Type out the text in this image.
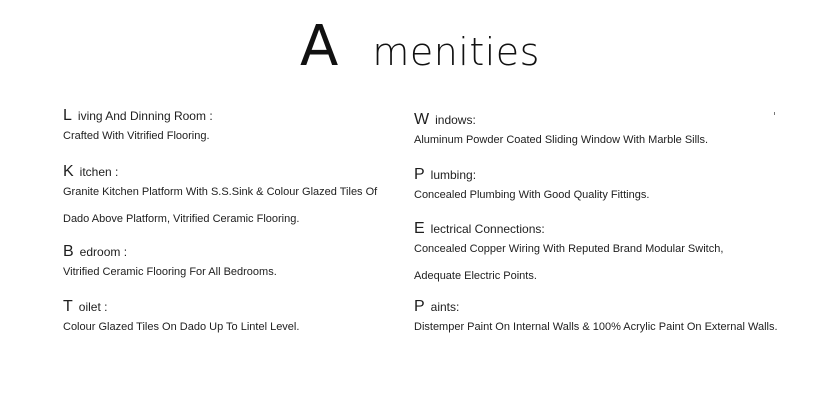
A menities
L iving And Dinning Room :
Crafted With Vitrified Flooring.
K itchen :
Granite Kitchen Platform With S.S.Sink & Colour Glazed Tiles Of
Dado Above Platform, Vitrified Ceramic Flooring.
B edroom :
Vitrified Ceramic Flooring For All Bedrooms.
T oilet :
Colour Glazed Tiles On Dado Up To Lintel Level.
W indows:
Aluminum Powder Coated Sliding Window With Marble Sills.
P lumbing:
Concealed Plumbing With Good Quality Fittings.
E lectrical Connections:
Concealed Copper Wiring With Reputed Brand Modular Switch,
Adequate Electric Points.
P aints:
Distemper Paint On Internal Walls & 100% Acrylic Paint On External Walls.
